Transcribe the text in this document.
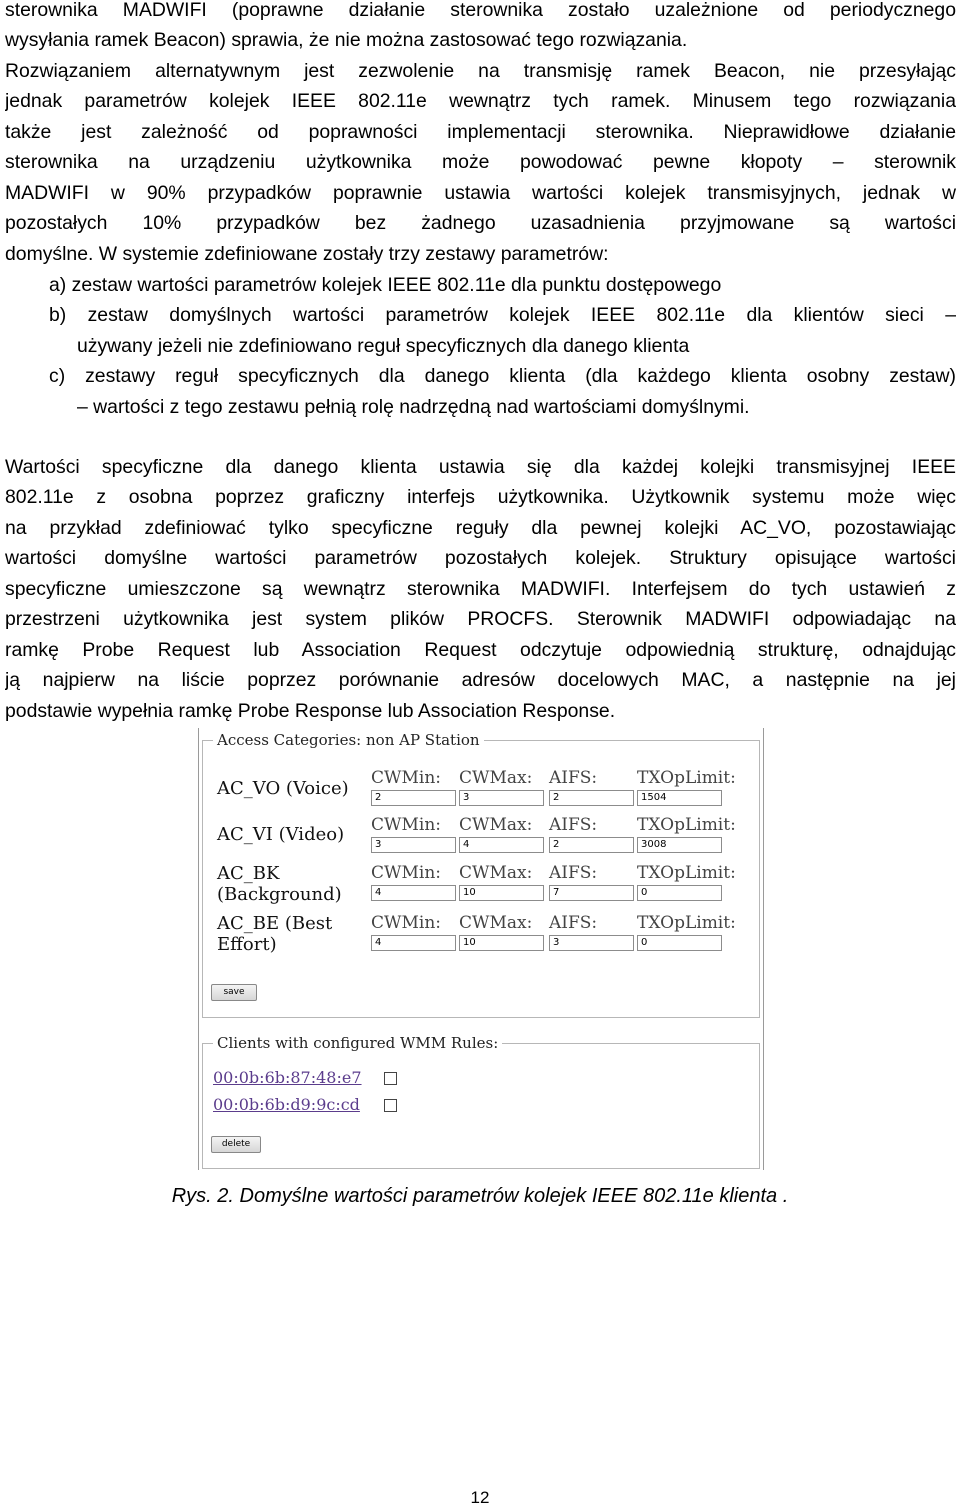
sterownika MADWIFI (poprawne działanie sterownika zostało uzależnione od periodycznego
wysyłania ramek Beacon) sprawia, że nie można zastosować tego rozwiązania.
Rozwiązaniem alternatywnym jest zezwolenie na transmisję ramek Beacon, nie przesyłając
jednak parametrów kolejek IEEE 802.11e wewnątrz tych ramek. Minusem tego rozwiązania
także jest zależność od poprawności implementacji sterownika. Nieprawidłowe działanie
sterownika na urządzeniu użytkownika może powodować pewne kłopoty – sterownik
MADWIFI w 90% przypadków poprawnie ustawia wartości kolejek transmisyjnych, jednak w
pozostałych 10% przypadków bez żadnego uzasadnienia przyjmowane są wartości
domyślne. W systemie zdefiniowane zostały trzy zestawy parametrów:
a) zestaw wartości parametrów kolejek IEEE 802.11e dla punktu dostępowego
b) zestaw domyślnych wartości parametrów kolejek IEEE 802.11e dla klientów sieci –
używany jeżeli nie zdefiniowano reguł specyficznych dla danego klienta
c) zestawy reguł specyficznych dla danego klienta (dla każdego klienta osobny zestaw)
– wartości z tego zestawu pełnią rolę nadrzędną nad wartościami domyślnymi.
Wartości specyficzne dla danego klienta ustawia się dla każdej kolejki transmisyjnej IEEE
802.11e z osobna poprzez graficzny interfejs użytkownika. Użytkownik systemu może więc
na przykład zdefiniować tylko specyficzne reguły dla pewnej kolejki AC_VO, pozostawiając
wartości domyślne wartości parametrów pozostałych kolejek. Struktury opisujące wartości
specyficzne umieszczone są wewnątrz sterownika MADWIFI. Interfejsem do tych ustawień z
przestrzeni użytkownika jest system plików PROCFS. Sterownik MADWIFI odpowiadając na
ramkę Probe Request lub Association Request odczytuje odpowiednią strukturę, odnajdując
ją najpierw na liście poprzez porównanie adresów docelowych MAC, a następnie na jej
podstawie wypełnia ramkę Probe Response lub Association Response.
Access Categories: non AP Station
AC_VO (Voice) CWMin:
2
CWMax:
3
AIFS:
2
TXOpLimit:
1504
AC_VI (Video) CWMin:
3
CWMax:
4
AIFS:
2
TXOpLimit:
3008
AC_BK
(Background)
CWMin:
4
CWMax:
10
AIFS:
7
TXOpLimit:
0
AC_BE (Best
Effort)
CWMin:
4
CWMax:
10
AIFS:
3
TXOpLimit:
0
save
Clients with configured WMM Rules:
00:0b:6b:87:48:e7
00:0b:6b:d9:9c:cd
delete
Rys. 2. Domyślne wartości parametrów kolejek IEEE 802.11e klienta .
12
